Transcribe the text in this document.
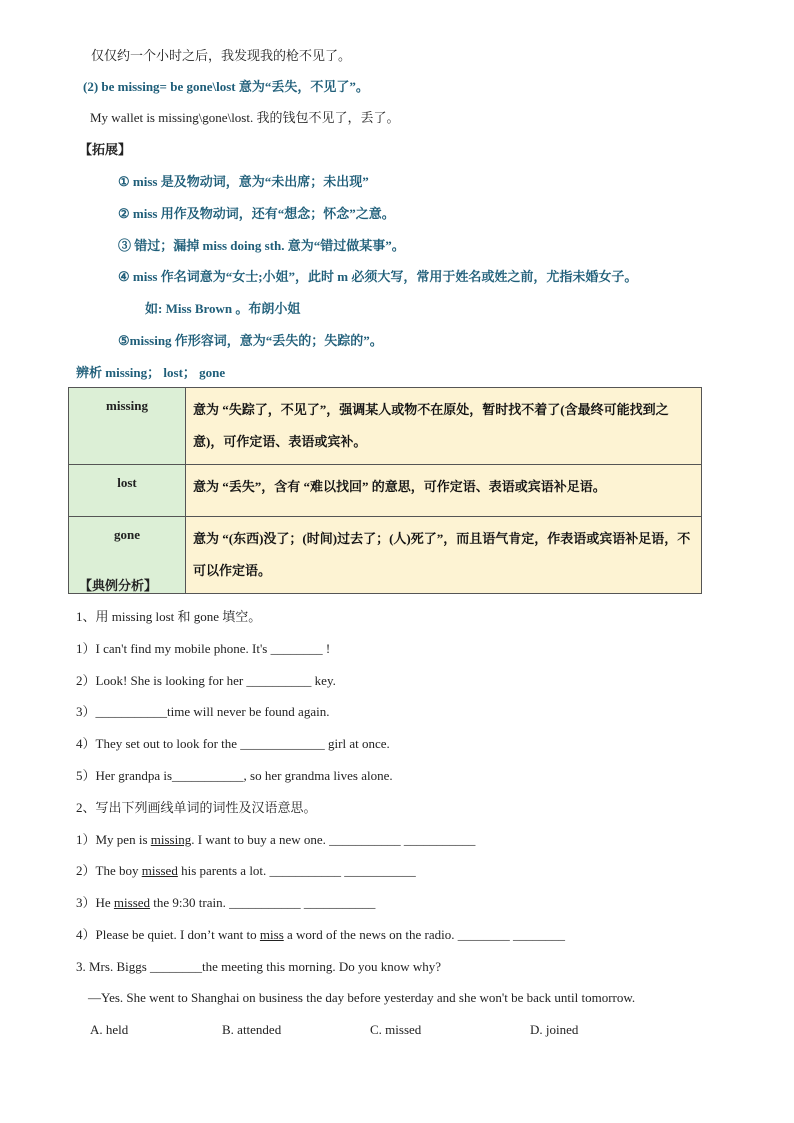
仅仅约一个小时之后，我发现我的枪不见了。
(2) be missing= be gone\lost 意为“丢失，不见了”。
My wallet is missing\gone\lost. 我的钱包不见了，丢了。
【拓展】
① miss 是及物动词，意为“未出席；未出现”
② miss 用作及物动词，还有“想念；怀念”之意。
③ 错过；漏掉 miss doing sth. 意为“错过做某事”。
④ miss 作名词意为“女士;小姐”，此时 m 必须大写，常用于姓名或姓之前，尤指未婚女子。
如: Miss Brown 。布朗小姐
⑤missing 作形容词，意为“丢失的；失踪的”。
辨析 missing； lost； gone
missing	意为 “失踪了，不见了”，强调某人或物不在原处，暂时找不着了(含最终可能找到之意)，可作定语、表语或宾补。
lost	意为 “丢失”，含有 “难以找回” 的意思，可作定语、表语或宾语补足语。
gone	意为 “(东西)没了；(时间)过去了；(人)死了”，而且语气肯定，作表语或宾语补足语，不可以作定语。
【典例分析】
1、用 missing lost 和 gone 填空。
1）I can't find my mobile phone. It's ________ !
2）Look! She is looking for her __________ key.
3）___________time will never be found again.
4）They set out to look for the _____________ girl at once.
5）Her grandpa is___________, so her grandma lives alone.
2、写出下列画线单词的词性及汉语意思。
1）My pen is missing. I want to buy a new one. ___________ ___________
2）The boy missed his parents a lot. ___________ ___________
3）He missed the 9:30 train. ___________ ___________
4）Please be quiet. I don’t want to miss a word of the news on the radio. ________ ________
3. Mrs. Biggs ________the meeting this morning. Do you know why?
—Yes. She went to Shanghai on business the day before yesterday and she won't be back until tomorrow.
A. held	B. attended	C. missed	D. joined
